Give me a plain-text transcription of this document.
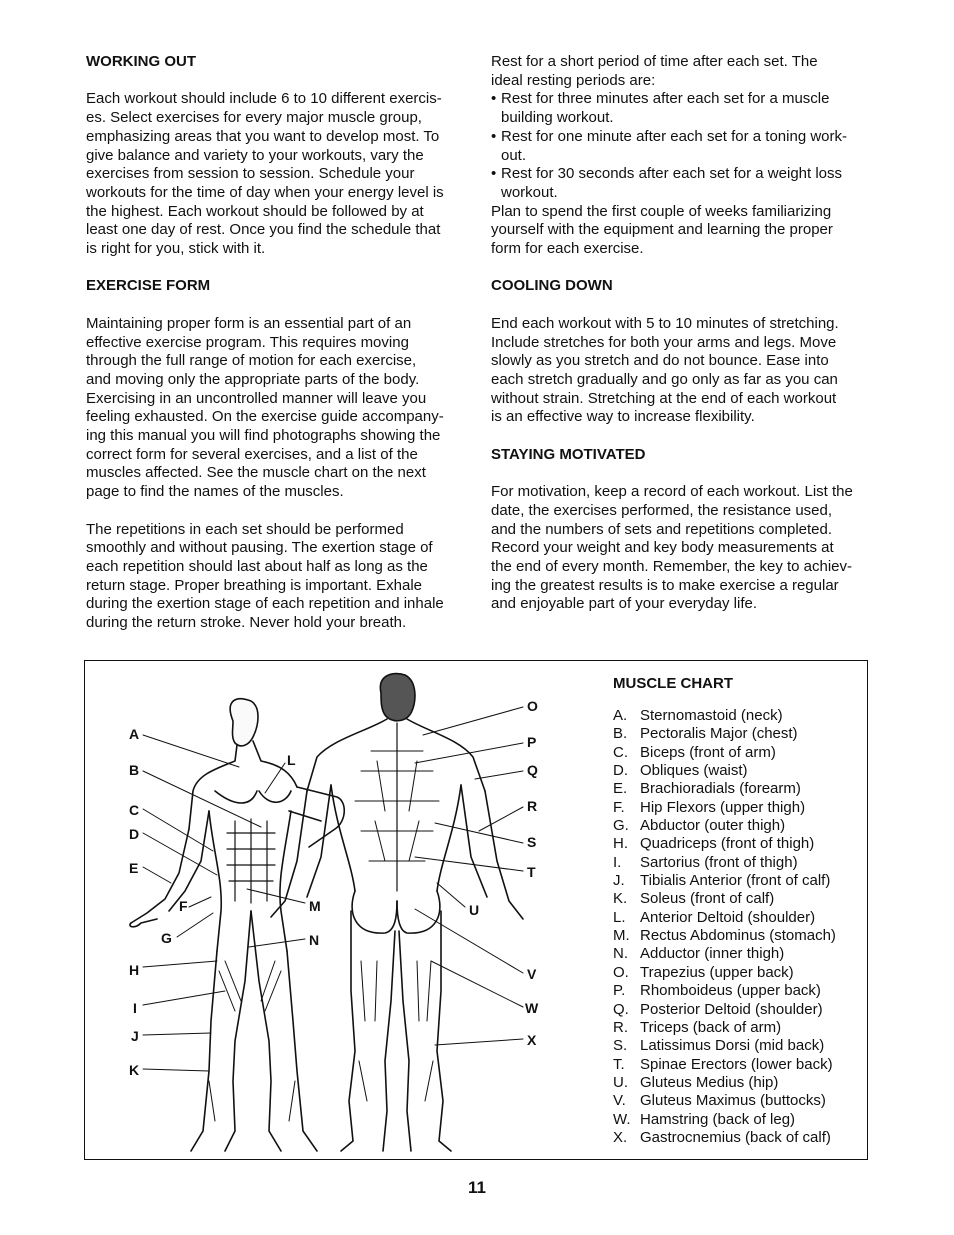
WORKING OUT

Each workout should include 6 to 10 different exercis-
es. Select exercises for every major muscle group,
emphasizing areas that you want to develop most. To
give balance and variety to your workouts, vary the
exercises from session to session. Schedule your
workouts for the time of day when your energy level is
the highest. Each workout should be followed by at
least one day of rest. Once you find the schedule that
is right for you, stick with it.

EXERCISE FORM

Maintaining proper form is an essential part of an
effective exercise program. This requires moving
through the full range of motion for each exercise,
and moving only the appropriate parts of the body.
Exercising in an uncontrolled manner will leave you
feeling exhausted. On the exercise guide accompany-
ing this manual you will find photographs showing the
correct form for several exercises, and a list of the
muscles affected. See the muscle chart on the next
page to find the names of the muscles.
The repetitions in each set should be performed
smoothly and without pausing. The exertion stage of
each repetition should last about half as long as the
return stage. Proper breathing is important. Exhale
during the exertion stage of each repetition and inhale
during the return stroke. Never hold your breath.
Rest for a short period of time after each set. The
ideal resting periods are:
• Rest for three minutes after each set for a muscle
building workout.
• Rest for one minute after each set for a toning work-
out.
• Rest for 30 seconds after each set for a weight loss
workout.
Plan to spend the first couple of weeks familiarizing
yourself with the equipment and learning the proper
form for each exercise.

COOLING DOWN

End each workout with 5 to 10 minutes of stretching.
Include stretches for both your arms and legs. Move
slowly as you stretch and do not bounce. Ease into
each stretch gradually and go only as far as you can
without strain. Stretching at the end of each workout
is an effective way to increase flexibility.

STAYING MOTIVATED

For motivation, keep a record of each workout. List the
date, the exercises performed, the resistance used,
and the numbers of sets and repetitions completed.
Record your weight and key body measurements at
the end of every month. Remember, the key to achiev-
ing the greatest results is to make exercise a regular
and enjoyable part of your everyday life.
A
B
C
D
E
F
G
H
I
J
K
L
M
N
O
P
Q
R
S
T
U
V
W
X
MUSCLE CHART
A. Sternomastoid (neck)
B. Pectoralis Major (chest)
C. Biceps (front of arm)
D. Obliques (waist)
E. Brachioradials (forearm)
F.	Hip Flexors (upper thigh)
G. Abductor (outer thigh)
H. Quadriceps (front of thigh)
I.	Sartorius (front of thigh)
J.	Tibialis Anterior (front of calf)
K. Soleus (front of calf)
L. Anterior Deltoid (shoulder)
M. Rectus Abdominus (stomach)
N. Adductor (inner thigh)
O. Trapezius (upper back)
P. Rhomboideus (upper back)
Q. Posterior Deltoid (shoulder)
R. Triceps (back of arm)
S. Latissimus Dorsi (mid back)
T.	Spinae Erectors (lower back)
U. Gluteus Medius (hip)
V. Gluteus Maximus (buttocks)
W. Hamstring (back of leg)
X. Gastrocnemius (back of calf)
11
